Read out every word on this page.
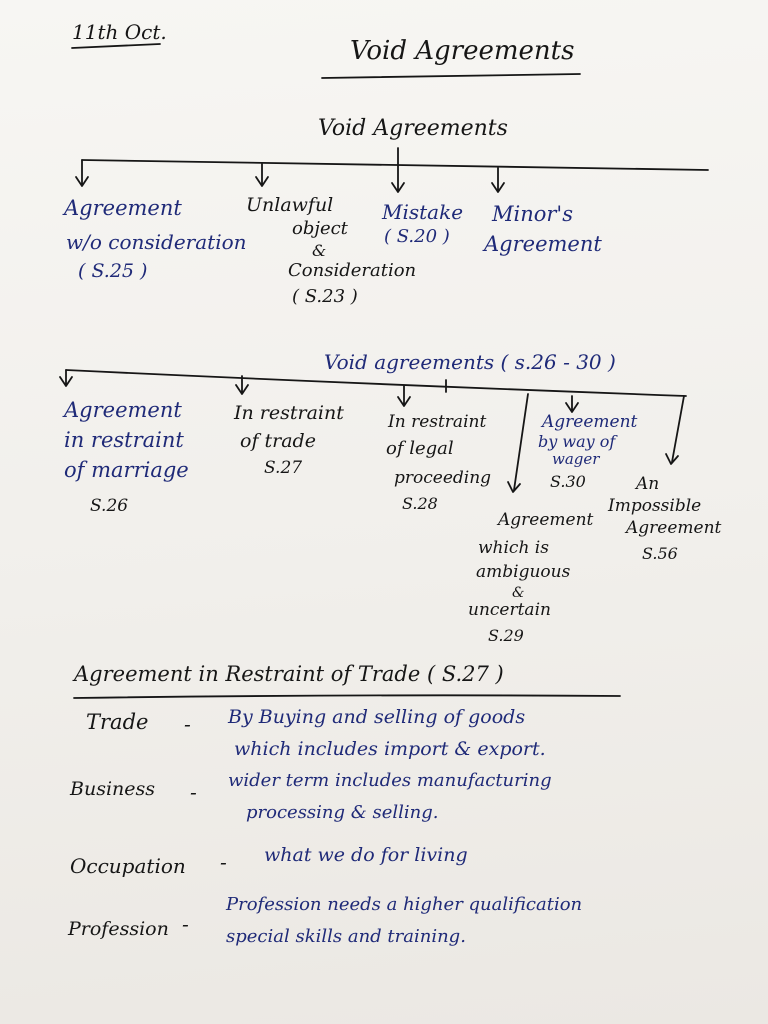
11th Oct.
Void Agreements
Void Agreements
Agreement
w/o consideration
( S.25 )
Unlawful
object
&
Consideration
( S.23 )
Mistake
( S.20 )
Minor's
Agreement
Void agreements ( s.26 - 30 )
Agreement
in restraint
of marriage
S.26
In restraint
of trade
S.27
In restraint
of legal
proceeding
S.28
Agreement
by way of
wager
S.30
Agreement
which is
ambiguous
&
uncertain
S.29
An
Impossible
Agreement
S.56
Agreement in Restraint of Trade ( S.27 )
Trade - By Buying and selling of goods
which includes import & export.
Business - wider term includes manufacturing
processing & selling.
Occupation - what we do for living
Profession -
Profession needs a higher qualification
special skills and training.
